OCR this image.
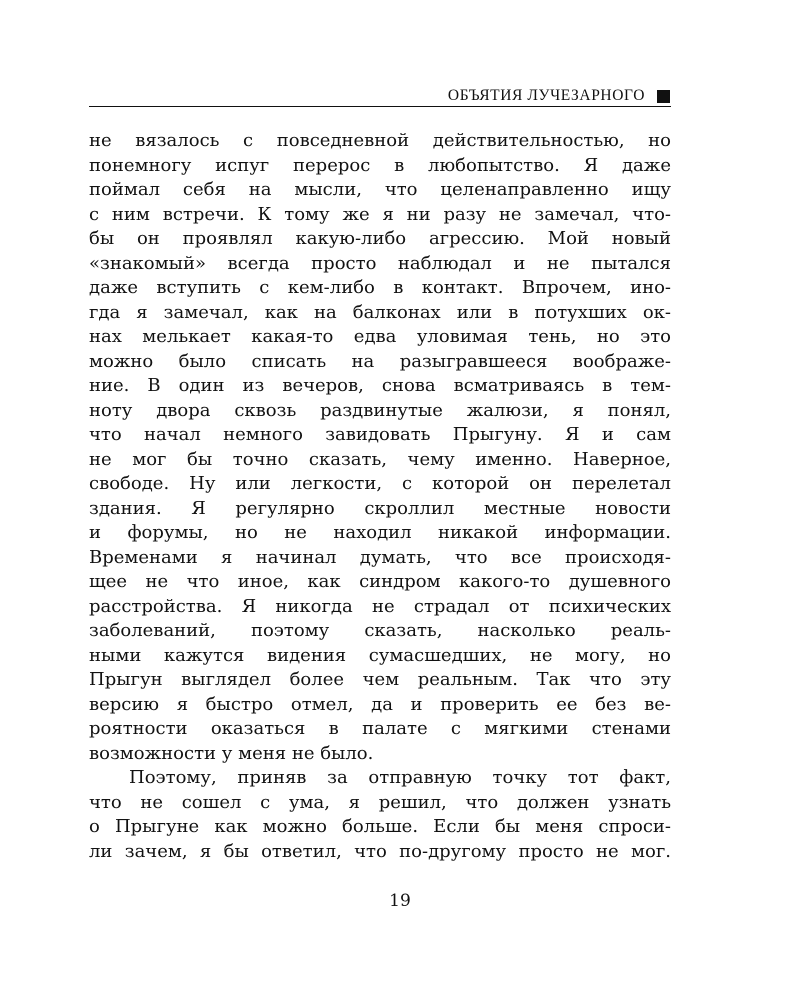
ОБЪЯТИЯ ЛУЧЕЗАРНОГО
не вязалось с повседневной действительностью, но
понемногу испуг перерос в любопытство. Я даже
поймал себя на мысли, что целенаправленно ищу
с ним встречи. К тому же я ни разу не замечал, что-
бы он проявлял какую-либо агрессию. Мой новый
«знакомый» всегда просто наблюдал и не пытался
даже вступить с кем-либо в контакт. Впрочем, ино-
гда я замечал, как на балконах или в потухших ок-
нах мелькает какая-то едва уловимая тень, но это
можно было списать на разыгравшееся воображе-
ние. В один из вечеров, снова всматриваясь в тем-
ноту двора сквозь раздвинутые жалюзи, я понял,
что начал немного завидовать Прыгуну. Я и сам
не мог бы точно сказать, чему именно. Наверное,
свободе. Ну или легкости, с которой он перелетал
здания. Я регулярно скроллил местные новости
и форумы, но не находил никакой информации.
Временами я начинал думать, что все происходя-
щее не что иное, как синдром какого-то душевного
расстройства. Я никогда не страдал от психических
заболеваний, поэтому сказать, насколько реаль-
ными кажутся видения сумасшедших, не могу, но
Прыгун выглядел более чем реальным. Так что эту
версию я быстро отмел, да и проверить ее без ве-
роятности оказаться в палате с мягкими стенами
возможности у меня не было.
Поэтому, приняв за отправную точку тот факт,
что не сошел с ума, я решил, что должен узнать
о Прыгуне как можно больше. Если бы меня спроси-
ли зачем, я бы ответил, что по-другому просто не мог.
19
